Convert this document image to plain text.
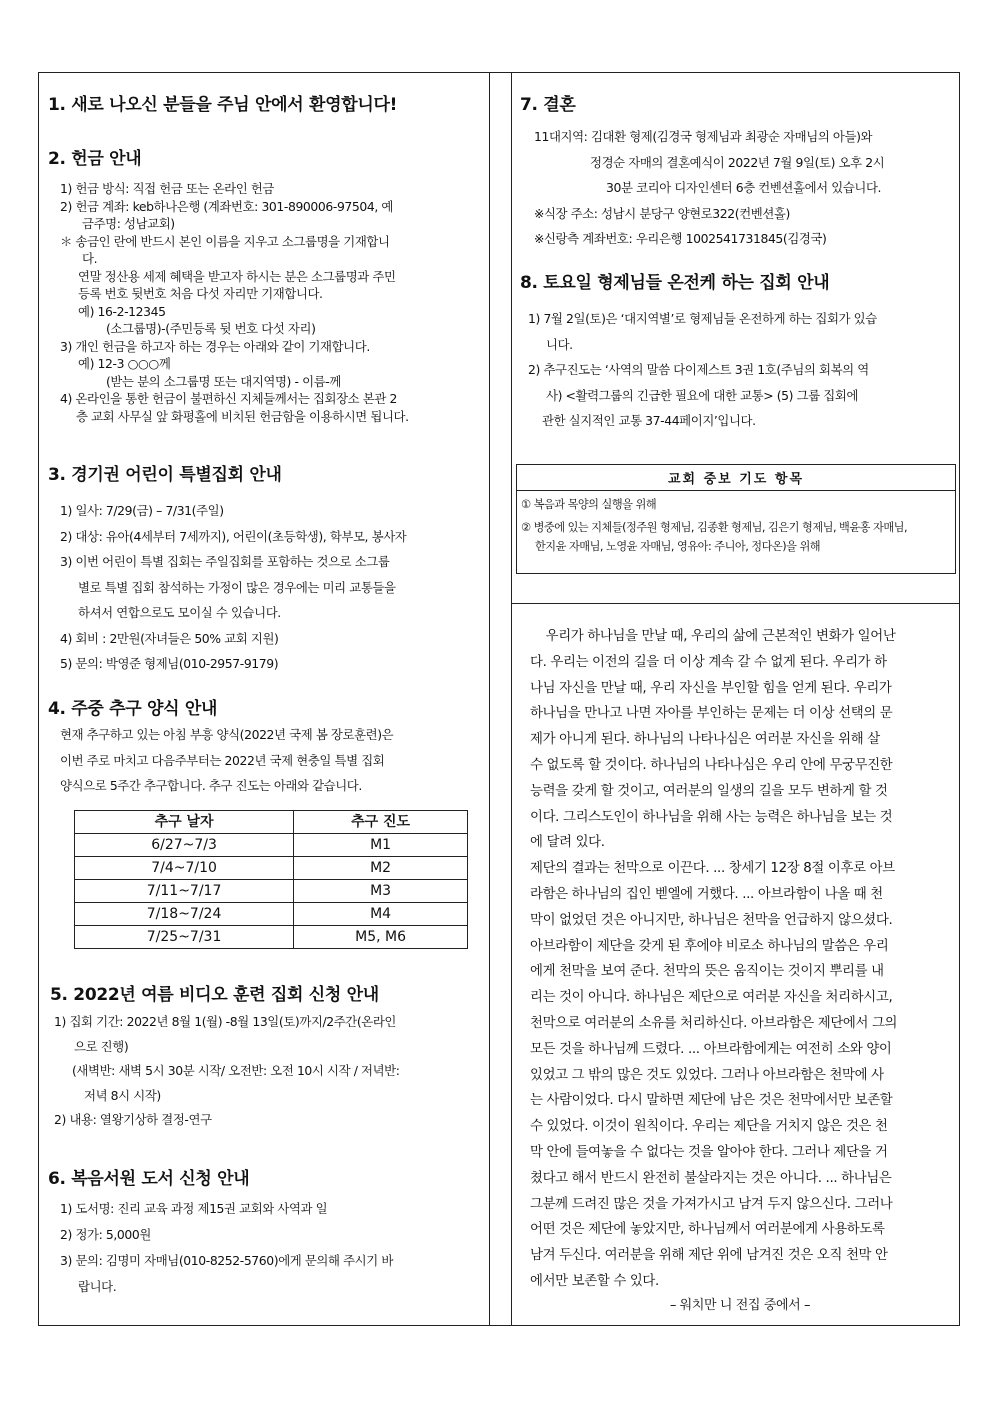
1. 새로 나오신 분들을 주님 안에서 환영합니다!
2. 헌금 안내
1) 헌금 방식: 직접 헌금 또는 온라인 헌금
2) 헌금 계좌: keb하나은행 (계좌번호: 301-890006-97504, 예
금주명: 성남교회)
＊ 송금인 란에 반드시 본인 이름을 지우고 소그룹명을 기재합니
다.
연말 정산용 세제 혜택을 받고자 하시는 분은 소그룹명과 주민
등록 번호 뒷번호 처음 다섯 자리만 기재합니다.
예) 16-2-12345
(소그룹명)-(주민등록 뒷 번호 다섯 자리)
3) 개인 헌금을 하고자 하는 경우는 아래와 같이 기재합니다.
예) 12-3 ○○○께
(받는 분의 소그룹명 또는 대지역명) - 이름-께
4) 온라인을 통한 헌금이 불편하신 지체들께서는 집회장소 본관 2
층 교회 사무실 앞 화평홀에 비치된 헌금함을 이용하시면 됩니다.
3. 경기권 어린이 특별집회 안내
1) 일사: 7/29(금) – 7/31(주일)
2) 대상: 유아(4세부터 7세까지), 어린이(초등학생), 학부모, 봉사자
3) 이번 어린이 특별 집회는 주일집회를 포함하는 것으로 소그룹
별로 특별 집회 참석하는 가정이 많은 경우에는 미리 교통들을
하셔서 연합으로도 모이실 수 있습니다.
4) 회비 : 2만원(자녀들은 50% 교회 지원)
5) 문의: 박영준 형제님(010-2957-9179)
4. 주중 추구 양식 안내
현재 추구하고 있는 아침 부흥 양식(2022년 국제 봄 장로훈련)은
이번 주로 마치고 다음주부터는 2022년 국제 현충일 특별 집회
양식으로 5주간 추구합니다. 추구 진도는 아래와 같습니다.
추구 날자	추구 진도
6/27~7/3	M1
7/4~7/10	M2
7/11~7/17	M3
7/18~7/24	M4
7/25~7/31	M5, M6
5. 2022년 여름 비디오 훈련 집회 신청 안내
1) 집회 기간: 2022년 8월 1(월) -8월 13일(토)까지/2주간(온라인
으로 진행)
(새벽반: 새벽 5시 30분 시작/ 오전반: 오전 10시 시작 / 저녁반:
저녁 8시 시작)
2) 내용: 열왕기상하 결정-연구
6. 복음서원 도서 신청 안내
1) 도서명: 진리 교육 과정 제15권 교회와 사역과 일
2) 정가: 5,000원
3) 문의: 김명미 자매님(010-8252-5760)에게 문의해 주시기 바
랍니다.
7. 결혼
11대지역: 김대환 형제(김경국 형제님과 최광순 자매님의 아들)와
정경순 자매의 결혼예식이 2022년 7월 9일(토) 오후 2시
30분 코리아 디자인센터 6층 컨벤션홀에서 있습니다.
※식장 주소: 성남시 분당구 양현로322(컨벤션홀)
※신랑측 계좌번호: 우리은행 1002541731845(김경국)
8. 토요일 형제님들 온전케 하는 집회 안내
1) 7월 2일(토)은 ‘대지역별’로 형제님들 온전하게 하는 집회가 있습
니다.
2) 추구진도는 ‘사역의 말씀 다이제스트 3권 1호(주님의 회복의 역
사) <활력그룹의 긴급한 필요에 대한 교통> (5) 그룹 집회에
관한 실지적인 교통 37-44페이지’입니다.
교회 중보 기도 항목
① 복음과 목양의 실행을 위해
② 병중에 있는 지체들(정주원 형제님, 김종환 형제님, 김은기 형제님, 백윤홍 자매님,
한지윤 자매님, 노영윤 자매님, 영유아: 주니아, 정다온)을 위해
우리가 하나님을 만날 때, 우리의 삶에 근본적인 변화가 일어난
다. 우리는 이전의 길을 더 이상 계속 갈 수 없게 된다. 우리가 하
나님 자신을 만날 때, 우리 자신을 부인할 힘을 얻게 된다. 우리가
하나님을 만나고 나면 자아를 부인하는 문제는 더 이상 선택의 문
제가 아니게 된다. 하나님의 나타나심은 여러분 자신을 위해 살
수 없도록 할 것이다. 하나님의 나타나심은 우리 안에 무궁무진한
능력을 갖게 할 것이고, 여러분의 일생의 길을 모두 변하게 할 것
이다. 그리스도인이 하나님을 위해 사는 능력은 하나님을 보는 것
에 달려 있다.
제단의 결과는 천막으로 이끈다. ... 창세기 12장 8절 이후로 아브
라함은 하나님의 집인 벧엘에 거했다. ... 아브라함이 나올 때 천
막이 없었던 것은 아니지만, 하나님은 천막을 언급하지 않으셨다.
아브라함이 제단을 갖게 된 후에야 비로소 하나님의 말씀은 우리
에게 천막을 보여 준다. 천막의 뜻은 움직이는 것이지 뿌리를 내
리는 것이 아니다. 하나님은 제단으로 여러분 자신을 처리하시고,
천막으로 여러분의 소유를 처리하신다. 아브라함은 제단에서 그의
모든 것을 하나님께 드렸다. ... 아브라함에게는 여전히 소와 양이
있었고 그 밖의 많은 것도 있었다. 그러나 아브라함은 천막에 사
는 사람이었다. 다시 말하면 제단에 남은 것은 천막에서만 보존할
수 있었다. 이것이 원칙이다. 우리는 제단을 거치지 않은 것은 천
막 안에 들여놓을 수 없다는 것을 알아야 한다. 그러나 제단을 거
쳤다고 해서 반드시 완전히 불살라지는 것은 아니다. ... 하나님은
그분께 드려진 많은 것을 가져가시고 남겨 두지 않으신다. 그러나
어떤 것은 제단에 놓았지만, 하나님께서 여러분에게 사용하도록
남겨 두신다. 여러분을 위해 제단 위에 남겨진 것은 오직 천막 안
에서만 보존할 수 있다.
– 워치만 니 전집 중에서 –
